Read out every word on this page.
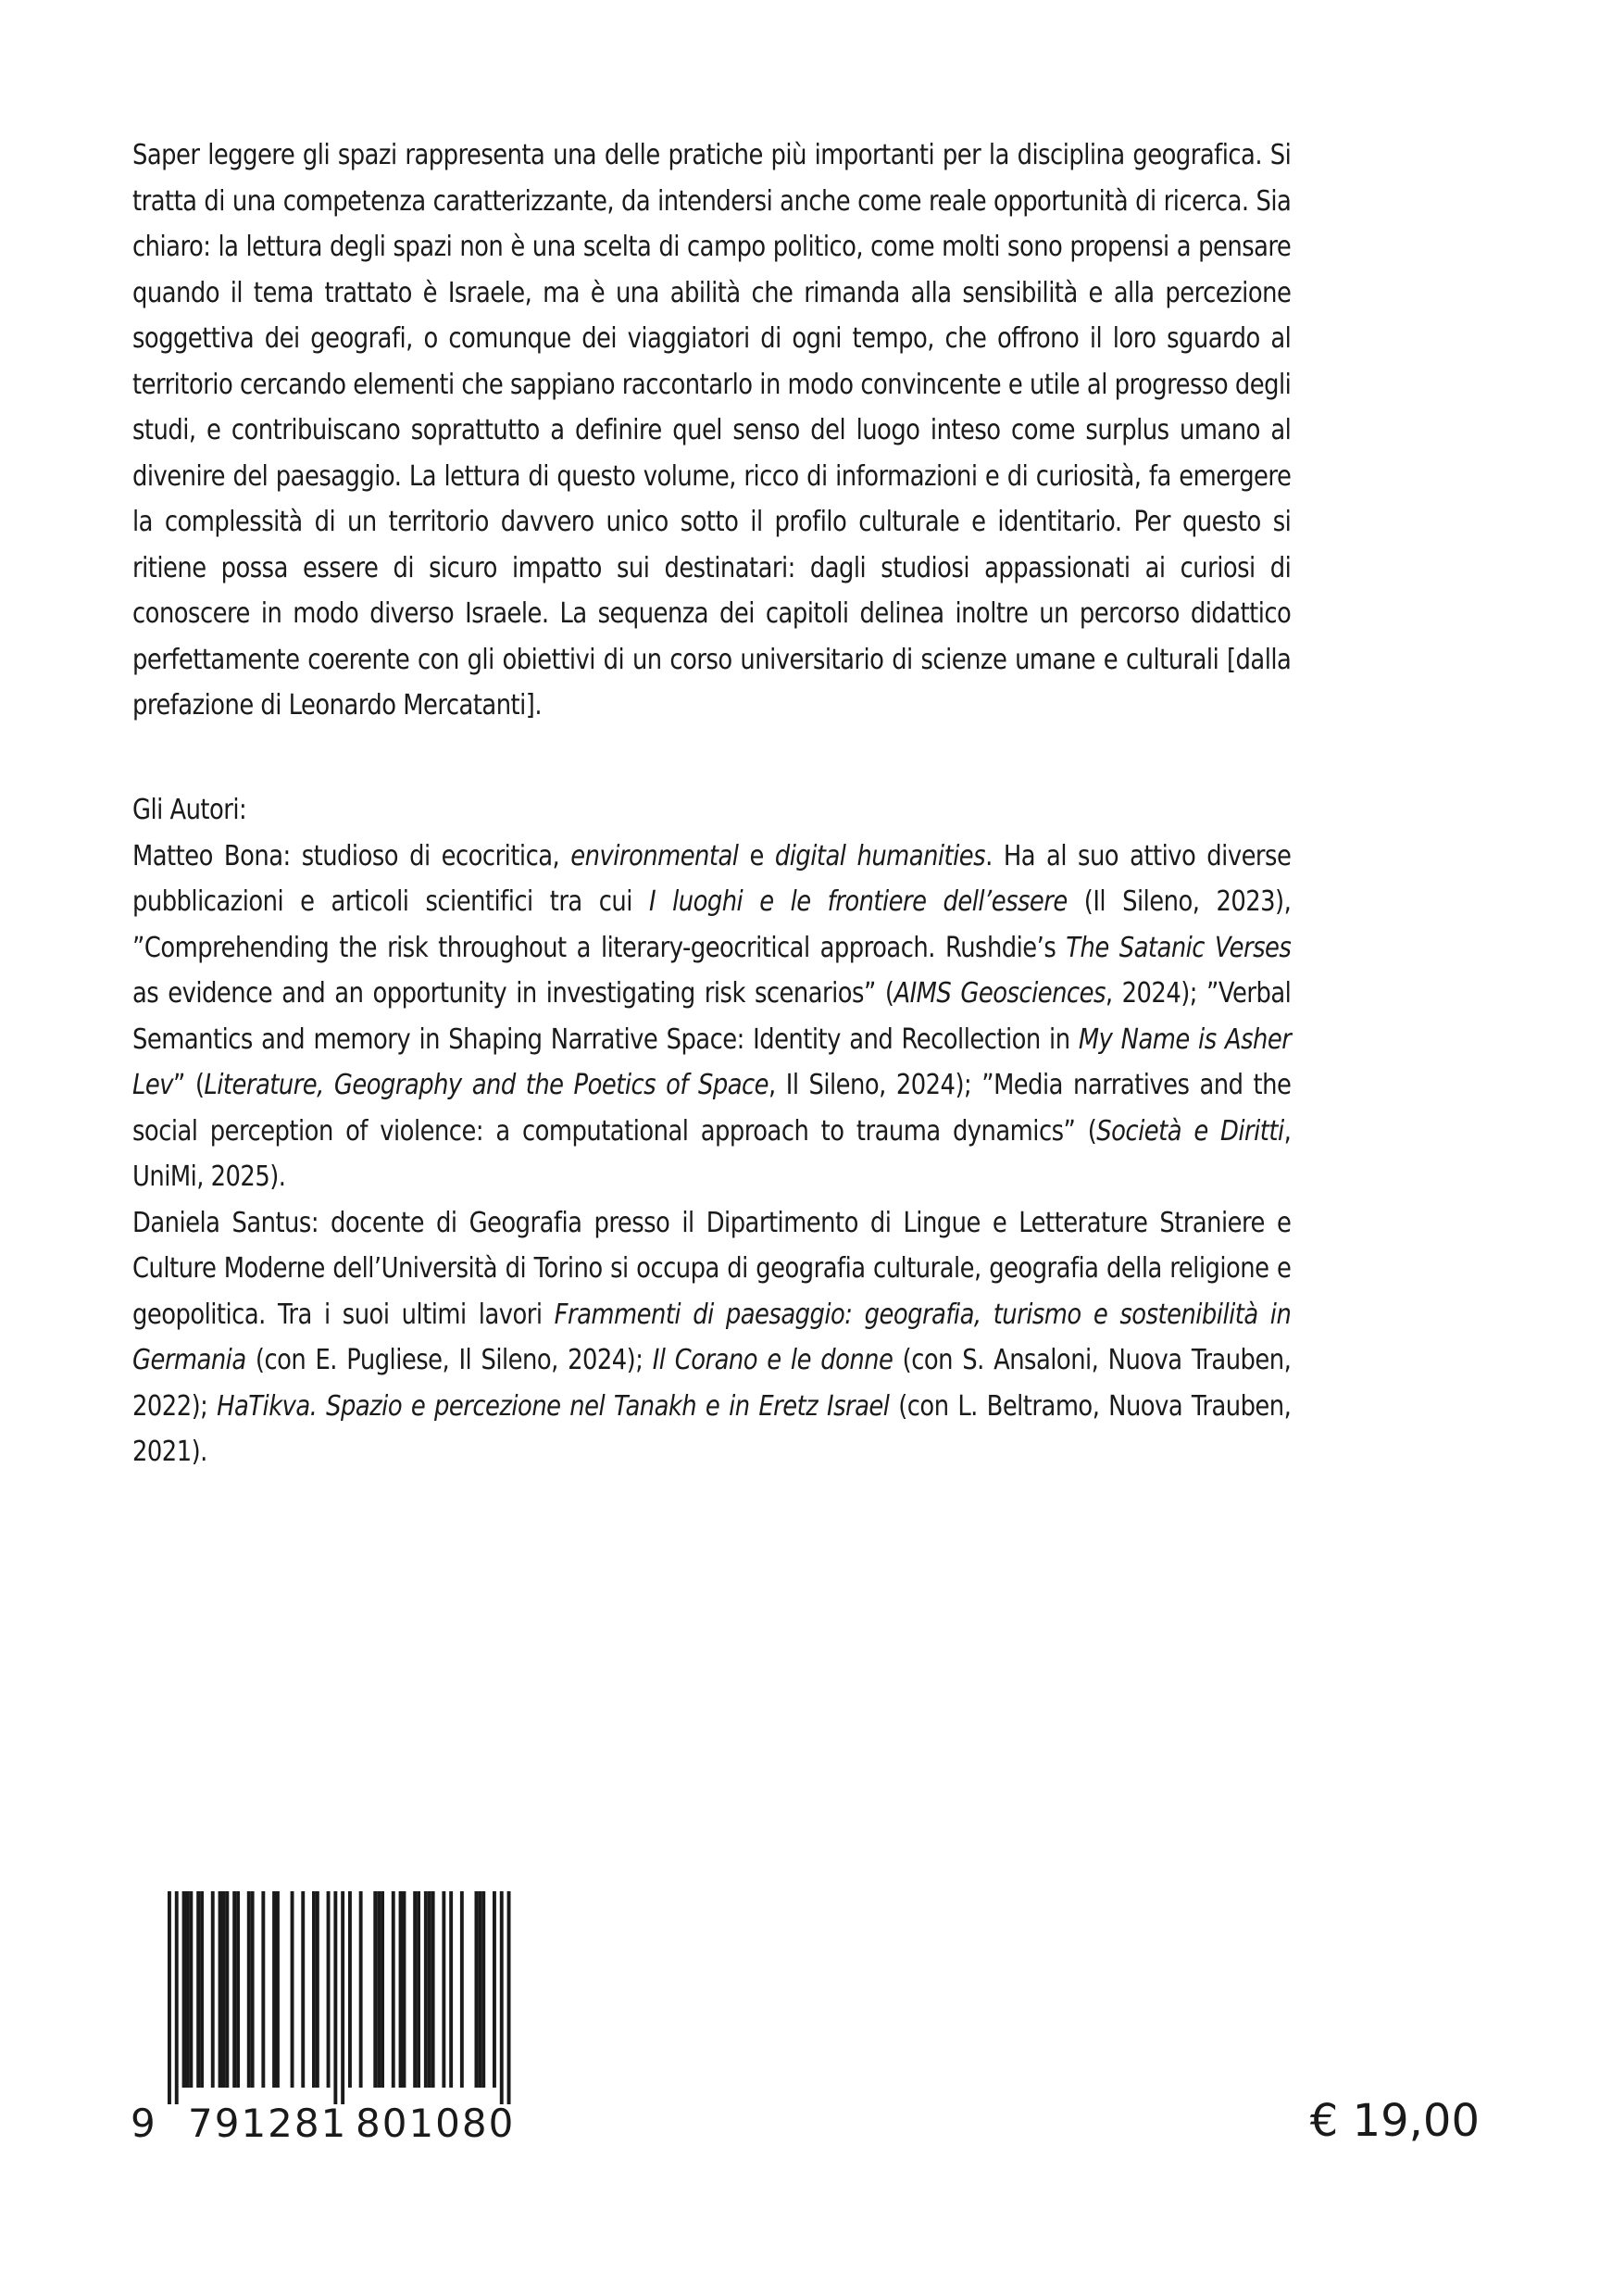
Saper leggere gli spazi rappresenta una delle pratiche più importanti per la disciplina geografica. Si tratta di una competenza caratterizzante, da intendersi anche come reale opportunità di ricerca. Sia chiaro: la lettura degli spazi non è una scelta di campo politico, come molti sono propensi a pensare quando il tema trattato è Israele, ma è una abilità che rimanda alla sensibilità e alla percezione soggettiva dei geografi, o comunque dei viaggiatori di ogni tempo, che offrono il loro sguardo al territorio cercando elementi che sappiano raccontarlo in modo convincente e utile al progresso degli studi, e contribuiscano soprattutto a definire quel senso del luogo inteso come surplus umano al divenire del paesaggio. La lettura di questo volume, ricco di informazioni e di curiosità, fa emergere la complessità di un territorio davvero unico sotto il profilo culturale e identitario. Per questo si ritiene possa essere di sicuro impatto sui destinatari: dagli studiosi appassionati ai curiosi di conoscere in modo diverso Israele. La sequenza dei capitoli delinea inoltre un percorso didattico perfettamente coerente con gli obiettivi di un corso universitario di scienze umane e culturali [dalla prefazione di Leonardo Mercatanti].

Gli Autori:

Matteo Bona: studioso di ecocritica, environmental e digital humanities. Ha al suo attivo diverse pubblicazioni e articoli scientifici tra cui I luoghi e le frontiere dell’essere (Il Sileno, 2023), ”Comprehending the risk throughout a literary-geocritical approach. Rushdie’s The Satanic Verses as evidence and an opportunity in investigating risk scenarios” (AIMS Geosciences, 2024); ”Verbal Semantics and memory in Shaping Narrative Space: Identity and Recollection in My Name is Asher Lev” (Literature, Geography and the Poetics of Space, Il Sileno, 2024); ”Media narratives and the social perception of violence: a computational approach to trauma dynamics” (Società e Diritti, UniMi, 2025).

Daniela Santus: docente di Geografia presso il Dipartimento di Lingue e Letterature Straniere e Culture Moderne dell’Università di Torino si occupa di geografia culturale, geografia della religione e geopolitica. Tra i suoi ultimi lavori Frammenti di paesaggio: geografia, turismo e sostenibilità in Germania (con E. Pugliese, Il Sileno, 2024); Il Corano e le donne (con S. Ansaloni, Nuova Trauben, 2022); HaTikva. Spazio e percezione nel Tanakh e in Eretz Israel (con L. Beltramo, Nuova Trauben, 2021).

9 791281 801080	€ 19,00
